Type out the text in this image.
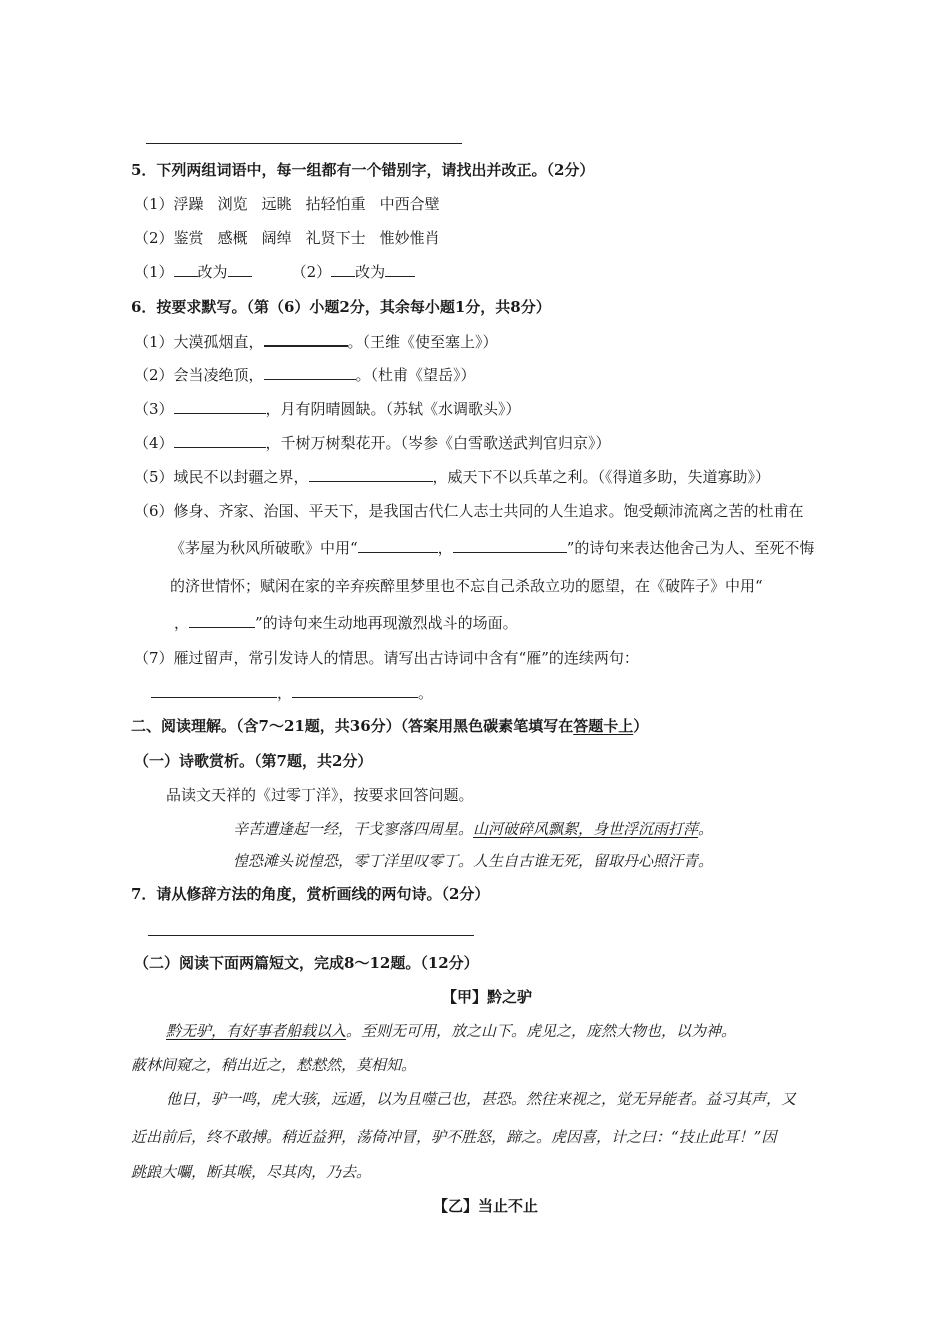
5．下列两组词语中，每一组都有一个错别字，请找出并改正。（2分）
（1）浮躁 浏览 远眺 拈轻怕重 中西合壁
（2）鉴赏 感概 阔绰 礼贤下士 惟妙惟肖
（1） 改为	（2） 改为
6．按要求默写。（第（6）小题2分，其余每小题1分，共8分）
（1）大漠孤烟直，	。（王维《使至塞上》）
（2）会当凌绝顶，	。（杜甫《望岳》）
（3）	，月有阴晴圆缺。（苏轼《水调歌头》）
（4）	，千树万树梨花开。（岑参《白雪歌送武判官归京》）
（5）域民不以封疆之界，	，威天下不以兵革之利。（《得道多助，失道寡助》）
（6）修身、齐家、治国、平天下，是我国古代仁人志士共同的人生追求。饱受颠沛流离之苦的杜甫在
《茅屋为秋风所破歌》中用“	，	”的诗句来表达他舍己为人、至死不悔
的济世情怀；赋闲在家的辛弃疾醉里梦里也不忘自己杀敌立功的愿望，在《破阵子》中用“
，	”的诗句来生动地再现激烈战斗的场面。
（7）雁过留声，常引发诗人的情思。请写出古诗词中含有“雁”的连续两句：
，	。
二、阅读理解。（含7～21题，共36分）（答案用黑色碳素笔填写在答题卡上）
（一）诗歌赏析。（第7题，共2分）
品读文天祥的《过零丁洋》，按要求回答问题。
辛苦遭逢起一经，干戈寥落四周星。山河破碎风飘絮，身世浮沉雨打萍。
惶恐滩头说惶恐，零丁洋里叹零丁。人生自古谁无死，留取丹心照汗青。
7．请从修辞方法的角度，赏析画线的两句诗。（2分）
（二）阅读下面两篇短文，完成8～12题。（12分）
【甲】黔之驴
黔无驴，有好事者船载以入。至则无可用，放之山下。虎见之，庞然大物也，以为神。
蔽林间窥之，稍出近之，慭慭然，莫相知。
他日，驴一鸣，虎大骇，远遁，以为且噬己也，甚恐。然往来视之，觉无异能者。益习其声，又
近出前后，终不敢搏。稍近益狎，荡倚冲冒，驴不胜怒，蹄之。虎因喜，计之曰：“技止此耳！”因
跳踉大㘚，断其喉，尽其肉，乃去。
【乙】当止不止
